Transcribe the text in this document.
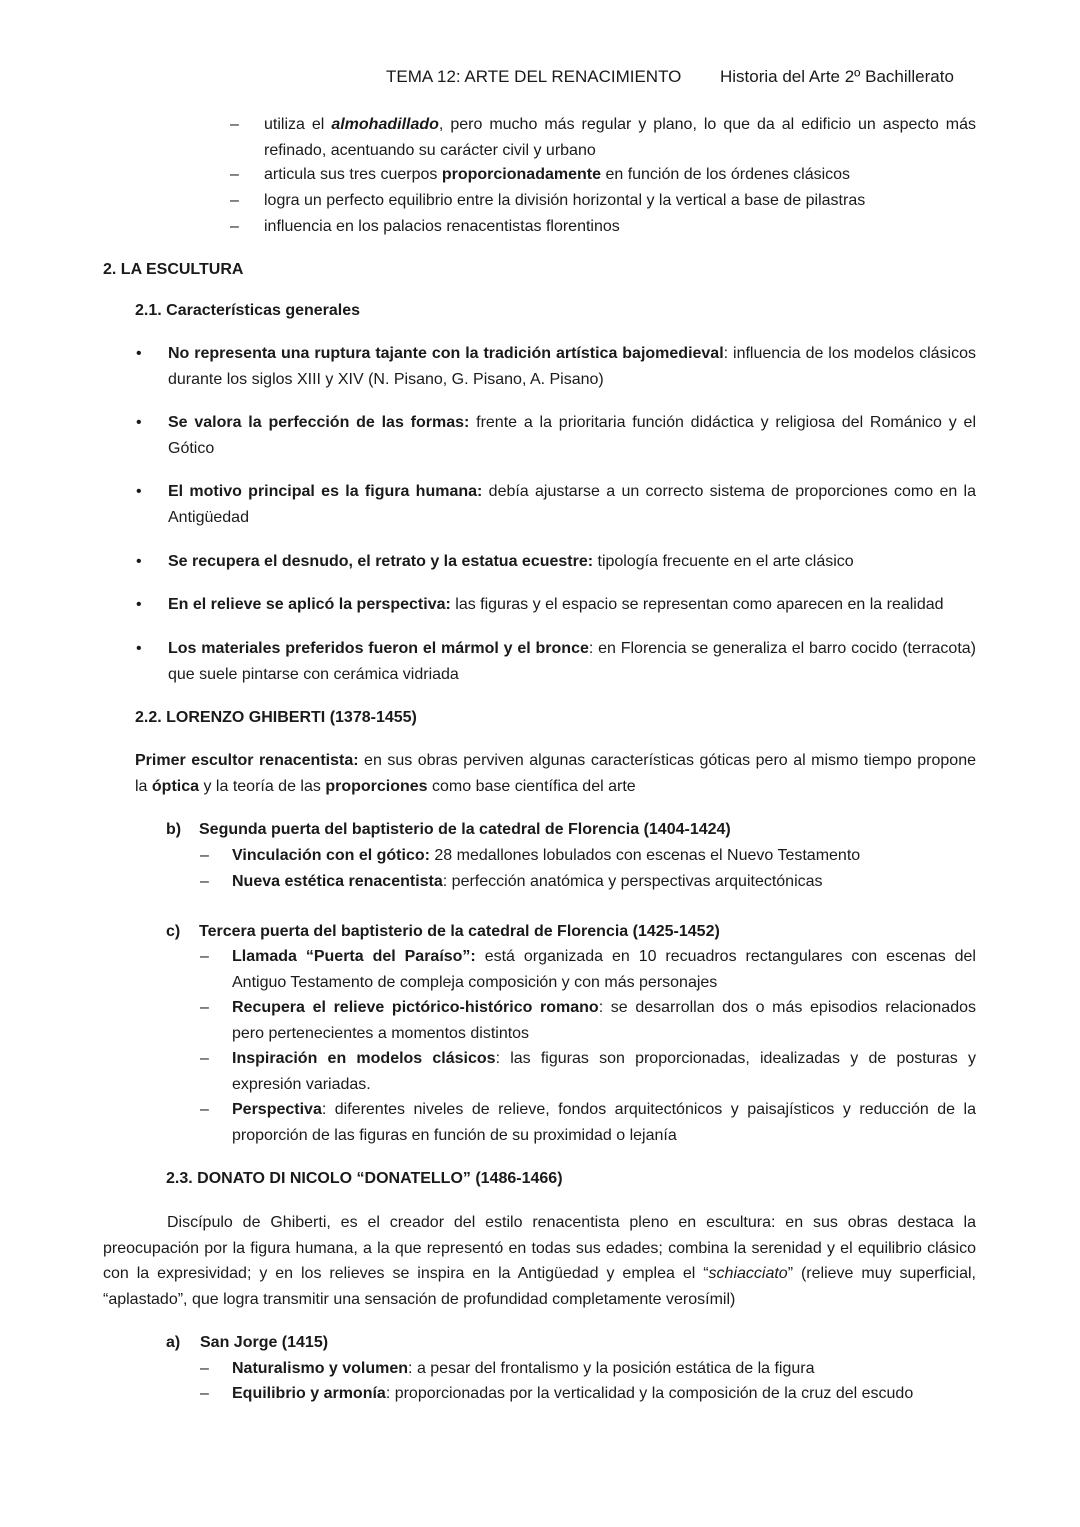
TEMA 12: ARTE DEL RENACIMIENTO Historia del Arte 2º Bachillerato
– utiliza el almohadillado, pero mucho más regular y plano, lo que da al edificio un aspecto más refinado, acentuando su carácter civil y urbano
– articula sus tres cuerpos proporcionadamente en función de los órdenes clásicos
– logra un perfecto equilibrio entre la división horizontal y la vertical a base de pilastras
– influencia en los palacios renacentistas florentinos
2. LA ESCULTURA
2.1. Características generales
• No representa una ruptura tajante con la tradición artística bajomedieval: influencia de los modelos clásicos durante los siglos XIII y XIV (N. Pisano, G. Pisano, A. Pisano)
• Se valora la perfección de las formas: frente a la prioritaria función didáctica y religiosa del Románico y el Gótico
• El motivo principal es la figura humana: debía ajustarse a un correcto sistema de proporciones como en la Antigüedad
• Se recupera el desnudo, el retrato y la estatua ecuestre: tipología frecuente en el arte clásico
• En el relieve se aplicó la perspectiva: las figuras y el espacio se representan como aparecen en la realidad
• Los materiales preferidos fueron el mármol y el bronce: en Florencia se generaliza el barro cocido (terracota) que suele pintarse con cerámica vidriada
2.2. LORENZO GHIBERTI (1378-1455)
Primer escultor renacentista: en sus obras perviven algunas características góticas pero al mismo tiempo propone la óptica y la teoría de las proporciones como base científica del arte
b) Segunda puerta del baptisterio de la catedral de Florencia (1404-1424)
– Vinculación con el gótico: 28 medallones lobulados con escenas el Nuevo Testamento
– Nueva estética renacentista: perfección anatómica y perspectivas arquitectónicas
c) Tercera puerta del baptisterio de la catedral de Florencia (1425-1452)
– Llamada “Puerta del Paraíso”: está organizada en 10 recuadros rectangulares con escenas del Antiguo Testamento de compleja composición y con más personajes
– Recupera el relieve pictórico-histórico romano: se desarrollan dos o más episodios relacionados pero pertenecientes a momentos distintos
– Inspiración en modelos clásicos: las figuras son proporcionadas, idealizadas y de posturas y expresión variadas.
– Perspectiva: diferentes niveles de relieve, fondos arquitectónicos y paisajísticos y reducción de la proporción de las figuras en función de su proximidad o lejanía
2.3. DONATO DI NICOLO “DONATELLO” (1486-1466)
Discípulo de Ghiberti, es el creador del estilo renacentista pleno en escultura: en sus obras destaca la preocupación por la figura humana, a la que representó en todas sus edades; combina la serenidad y el equilibrio clásico con la expresividad; y en los relieves se inspira en la Antigüedad y emplea el “schiacciato” (relieve muy superficial, “aplastado”, que logra transmitir una sensación de profundidad completamente verosímil)
a) San Jorge (1415)
– Naturalismo y volumen: a pesar del frontalismo y la posición estática de la figura
– Equilibrio y armonía: proporcionadas por la verticalidad y la composición de la cruz del escudo
